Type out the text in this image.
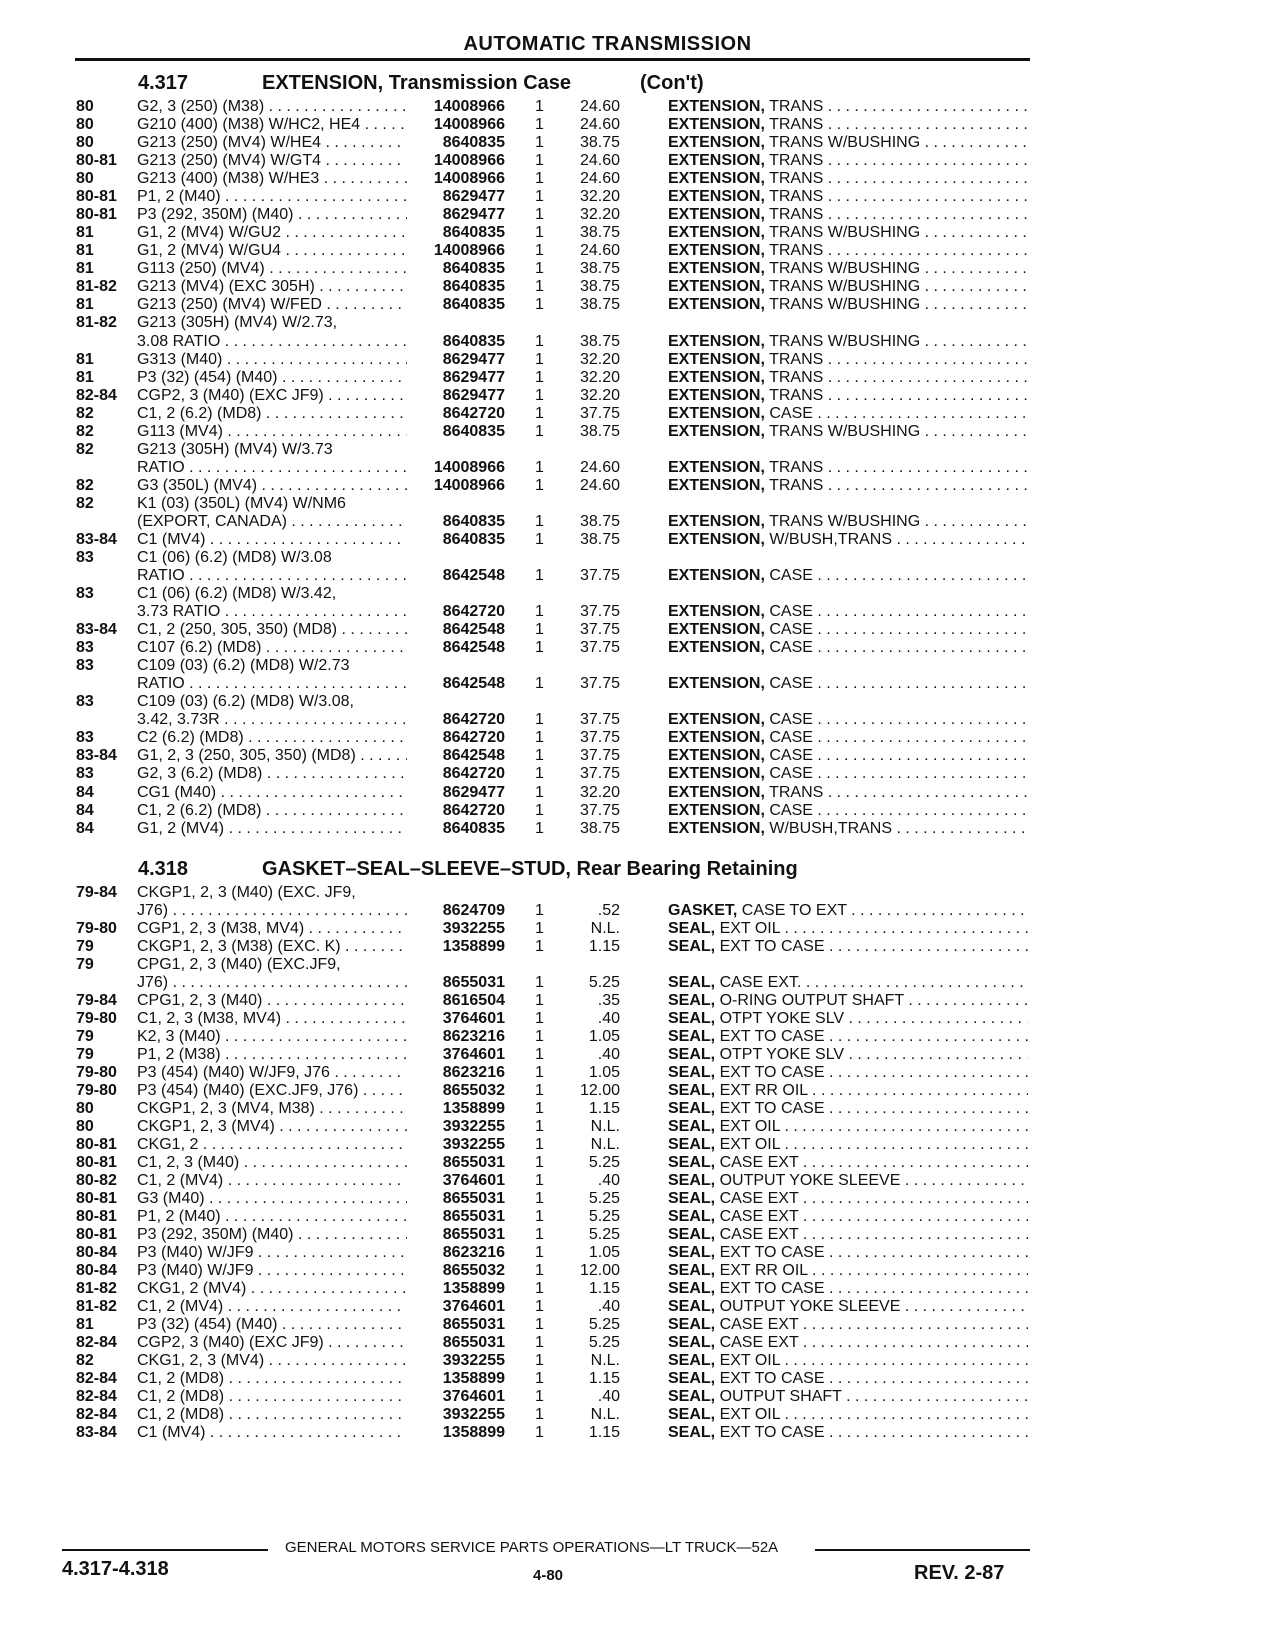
AUTOMATIC TRANSMISSION
4.317	EXTENSION, Transmission Case	(Con't)
80	G2, 3 (250) (M38) . . .	14008966 1	24.60	EXTENSION, TRANS . . .
80	G210 (400) (M38) W/HC2, HE4 . . .	14008966 1	24.60	EXTENSION, TRANS . . .
80	G213 (250) (MV4) W/HE4 . . .	8640835 1	38.75	EXTENSION, TRANS W/BUSHING . . .
80-81 G213 (250) (MV4) W/GT4 . . .	14008966 1	24.60	EXTENSION, TRANS . . .
80	G213 (400) (M38) W/HE3 . . .	14008966 1	24.60	EXTENSION, TRANS . . .
80-81 P1, 2 (M40) . . .	8629477 1	32.20	EXTENSION, TRANS . . .
80-81 P3 (292, 350M) (M40) . . .	8629477 1	32.20	EXTENSION, TRANS . . .
81	G1, 2 (MV4) W/GU2 . . .	8640835 1	38.75	EXTENSION, TRANS W/BUSHING . . .
81	G1, 2 (MV4) W/GU4 . . .	14008966 1	24.60	EXTENSION, TRANS . . .
81	G113 (250) (MV4) . . .	8640835 1	38.75	EXTENSION, TRANS W/BUSHING . . .
81-82 G213 (MV4) (EXC 305H) . . .	8640835 1	38.75	EXTENSION, TRANS W/BUSHING . . .
81	G213 (250) (MV4) W/FED . . .	8640835 1	38.75	EXTENSION, TRANS W/BUSHING . . .
81-82 G213 (305H) (MV4) W/2.73,
3.08 RATIO . . .	8640835 1	38.75	EXTENSION, TRANS W/BUSHING . . .
81	G313 (M40) . . .	8629477 1	32.20	EXTENSION, TRANS . . .
81	P3 (32) (454) (M40) . . .	8629477 1	32.20	EXTENSION, TRANS . . .
82-84 CGP2, 3 (M40) (EXC JF9) . . .	8629477 1	32.20	EXTENSION, TRANS . . .
82	C1, 2 (6.2) (MD8) . . .	8642720 1	37.75	EXTENSION, CASE . . .
82	G113 (MV4) . . .	8640835 1	38.75	EXTENSION, TRANS W/BUSHING . . .
82	G213 (305H) (MV4) W/3.73
RATIO . . .	14008966 1	24.60	EXTENSION, TRANS . . .
82	G3 (350L) (MV4) . . .	14008966 1	24.60	EXTENSION, TRANS . . .
82	K1 (03) (350L) (MV4) W/NM6
(EXPORT, CANADA) . . .	8640835 1	38.75	EXTENSION, TRANS W/BUSHING . . .
83-84 C1 (MV4) . . .	8640835 1	38.75	EXTENSION, W/BUSH,TRANS . . .
83	C1 (06) (6.2) (MD8) W/3.08
RATIO . . .	8642548 1	37.75	EXTENSION, CASE . . .
83	C1 (06) (6.2) (MD8) W/3.42,
3.73 RATIO . . .	8642720 1	37.75	EXTENSION, CASE . . .
83-84 C1, 2 (250, 305, 350) (MD8) . . .	8642548 1	37.75	EXTENSION, CASE . . .
83	C107 (6.2) (MD8) . . .	8642548 1	37.75	EXTENSION, CASE . . .
83	C109 (03) (6.2) (MD8) W/2.73
RATIO . . .	8642548 1	37.75	EXTENSION, CASE . . .
83	C109 (03) (6.2) (MD8) W/3.08,
3.42, 3.73R . . .	8642720 1	37.75	EXTENSION, CASE . . .
83	C2 (6.2) (MD8) . . .	8642720 1	37.75	EXTENSION, CASE . . .
83-84 G1, 2, 3 (250, 305, 350) (MD8) . . .	8642548 1	37.75	EXTENSION, CASE . . .
83	G2, 3 (6.2) (MD8) . . .	8642720 1	37.75	EXTENSION, CASE . . .
84	CG1 (M40) . . .	8629477 1	32.20	EXTENSION, TRANS . . .
84	C1, 2 (6.2) (MD8) . . .	8642720 1	37.75	EXTENSION, CASE . . .
84	G1, 2 (MV4) . . .	8640835 1	38.75	EXTENSION, W/BUSH,TRANS . . .
4.318	GASKET–SEAL–SLEEVE–STUD, Rear Bearing Retaining
79-84 CKGP1, 2, 3 (M40) (EXC. JF9,
J76) . . .	8624709 1	.52	GASKET, CASE TO EXT . . .
79-80 CGP1, 2, 3 (M38, MV4) . . .	3932255 1	N.L.	SEAL, EXT OIL . . .
79	CKGP1, 2, 3 (M38) (EXC. K) . . .	1358899 1	1.15	SEAL, EXT TO CASE . . .
79	CPG1, 2, 3 (M40) (EXC.JF9,
J76) . . .	8655031 1	5.25	SEAL, CASE EXT. . . .
79-84 CPG1, 2, 3 (M40) . . .	8616504 1	.35	SEAL, O-RING OUTPUT SHAFT . . .
79-80 C1, 2, 3 (M38, MV4) . . .	3764601 1	.40	SEAL, OTPT YOKE SLV . . .
79	K2, 3 (M40) . . .	8623216 1	1.05	SEAL, EXT TO CASE . . .
79	P1, 2 (M38) . . .	3764601 1	.40	SEAL, OTPT YOKE SLV . . .
79-80 P3 (454) (M40) W/JF9, J76 . . .	8623216 1	1.05	SEAL, EXT TO CASE . . .
79-80 P3 (454) (M40) (EXC.JF9, J76) . . .	8655032 1	12.00	SEAL, EXT RR OIL . . .
80	CKGP1, 2, 3 (MV4, M38) . . .	1358899 1	1.15	SEAL, EXT TO CASE . . .
80	CKGP1, 2, 3 (MV4) . . .	3932255 1	N.L.	SEAL, EXT OIL . . .
80-81 CKG1, 2 . . .	3932255 1	N.L.	SEAL, EXT OIL . . .
80-81 C1, 2, 3 (M40) . . .	8655031 1	5.25	SEAL, CASE EXT . . .
80-82 C1, 2 (MV4) . . .	3764601 1	.40	SEAL, OUTPUT YOKE SLEEVE . . .
80-81 G3 (M40) . . .	8655031 1	5.25	SEAL, CASE EXT . . .
80-81 P1, 2 (M40) . . .	8655031 1	5.25	SEAL, CASE EXT . . .
80-81 P3 (292, 350M) (M40) . . .	8655031 1	5.25	SEAL, CASE EXT . . .
80-84 P3 (M40) W/JF9 . . .	8623216 1	1.05	SEAL, EXT TO CASE . . .
80-84 P3 (M40) W/JF9 . . .	8655032 1	12.00	SEAL, EXT RR OIL . . .
81-82 CKG1, 2 (MV4) . . .	1358899 1	1.15	SEAL, EXT TO CASE . . .
81-82 C1, 2 (MV4) . . .	3764601 1	.40	SEAL, OUTPUT YOKE SLEEVE . . .
81	P3 (32) (454) (M40) . . .	8655031 1	5.25	SEAL, CASE EXT . . .
82-84 CGP2, 3 (M40) (EXC JF9) . . .	8655031 1	5.25	SEAL, CASE EXT . . .
82	CKG1, 2, 3 (MV4) . . .	3932255 1	N.L.	SEAL, EXT OIL . . .
82-84 C1, 2 (MD8) . . .	1358899 1	1.15	SEAL, EXT TO CASE . . .
82-84 C1, 2 (MD8) . . .	3764601 1	.40	SEAL, OUTPUT SHAFT . . .
82-84 C1, 2 (MD8) . . .	3932255 1	N.L.	SEAL, EXT OIL . . .
83-84 C1 (MV4) . . .	1358899 1	1.15	SEAL, EXT TO CASE . . .
GENERAL MOTORS SERVICE PARTS OPERATIONS—LT TRUCK—52A
4.317-4.318	4-80	REV. 2-87
